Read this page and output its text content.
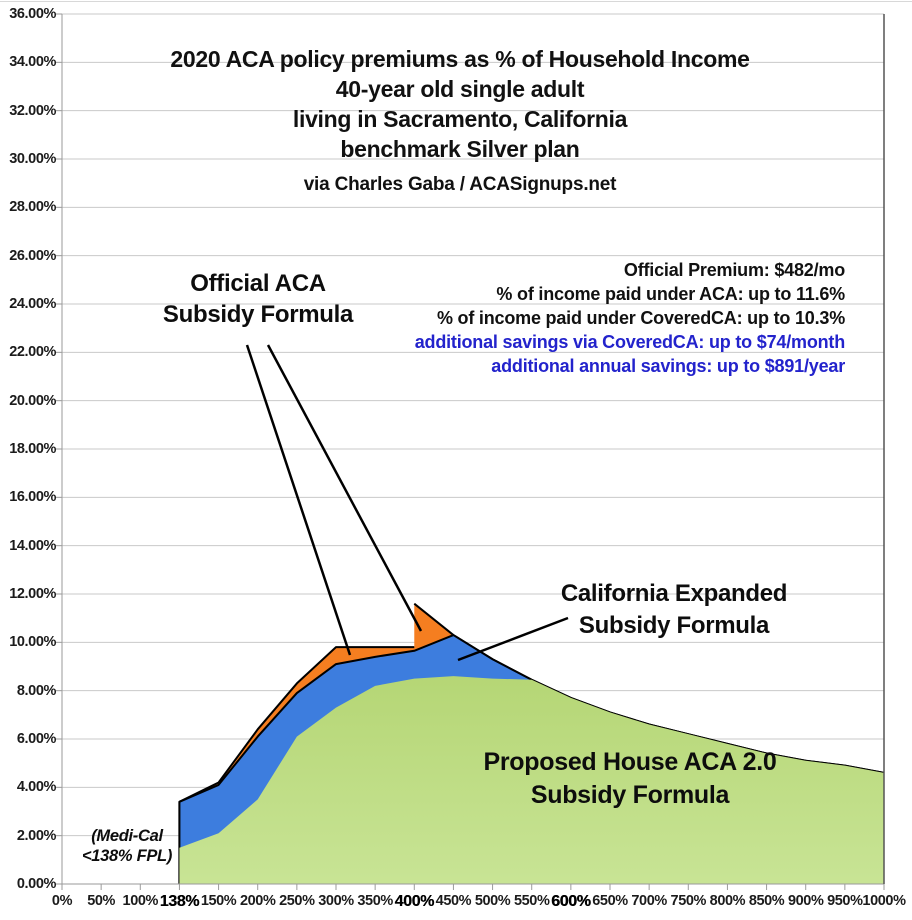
2020 ACA policy premiums as % of Household Income
40-year old single adult
living in Sacramento, California
benchmark Silver plan
via Charles Gaba / ACASignups.net
Official Premium: $482/mo
% of income paid under ACA: up to 11.6%
% of income paid under CoveredCA: up to 10.3%
additional savings via CoveredCA: up to $74/month
additional annual savings: up to $891/year
Official ACA
Subsidy Formula
California Expanded
Subsidy Formula
Proposed House ACA 2.0
Subsidy Formula
(Medi-Cal
<138% FPL)
0% 50% 100% 138% 150% 200% 250% 300% 350% 400% 450% 500% 550% 600% 650% 700% 750% 800% 850% 900% 950% 1000%
36.00%
34.00%
32.00%
30.00%
28.00%
26.00%
24.00%
22.00%
20.00%
18.00%
16.00%
14.00%
12.00%
10.00%
8.00%
6.00%
4.00%
2.00%
0.00%
